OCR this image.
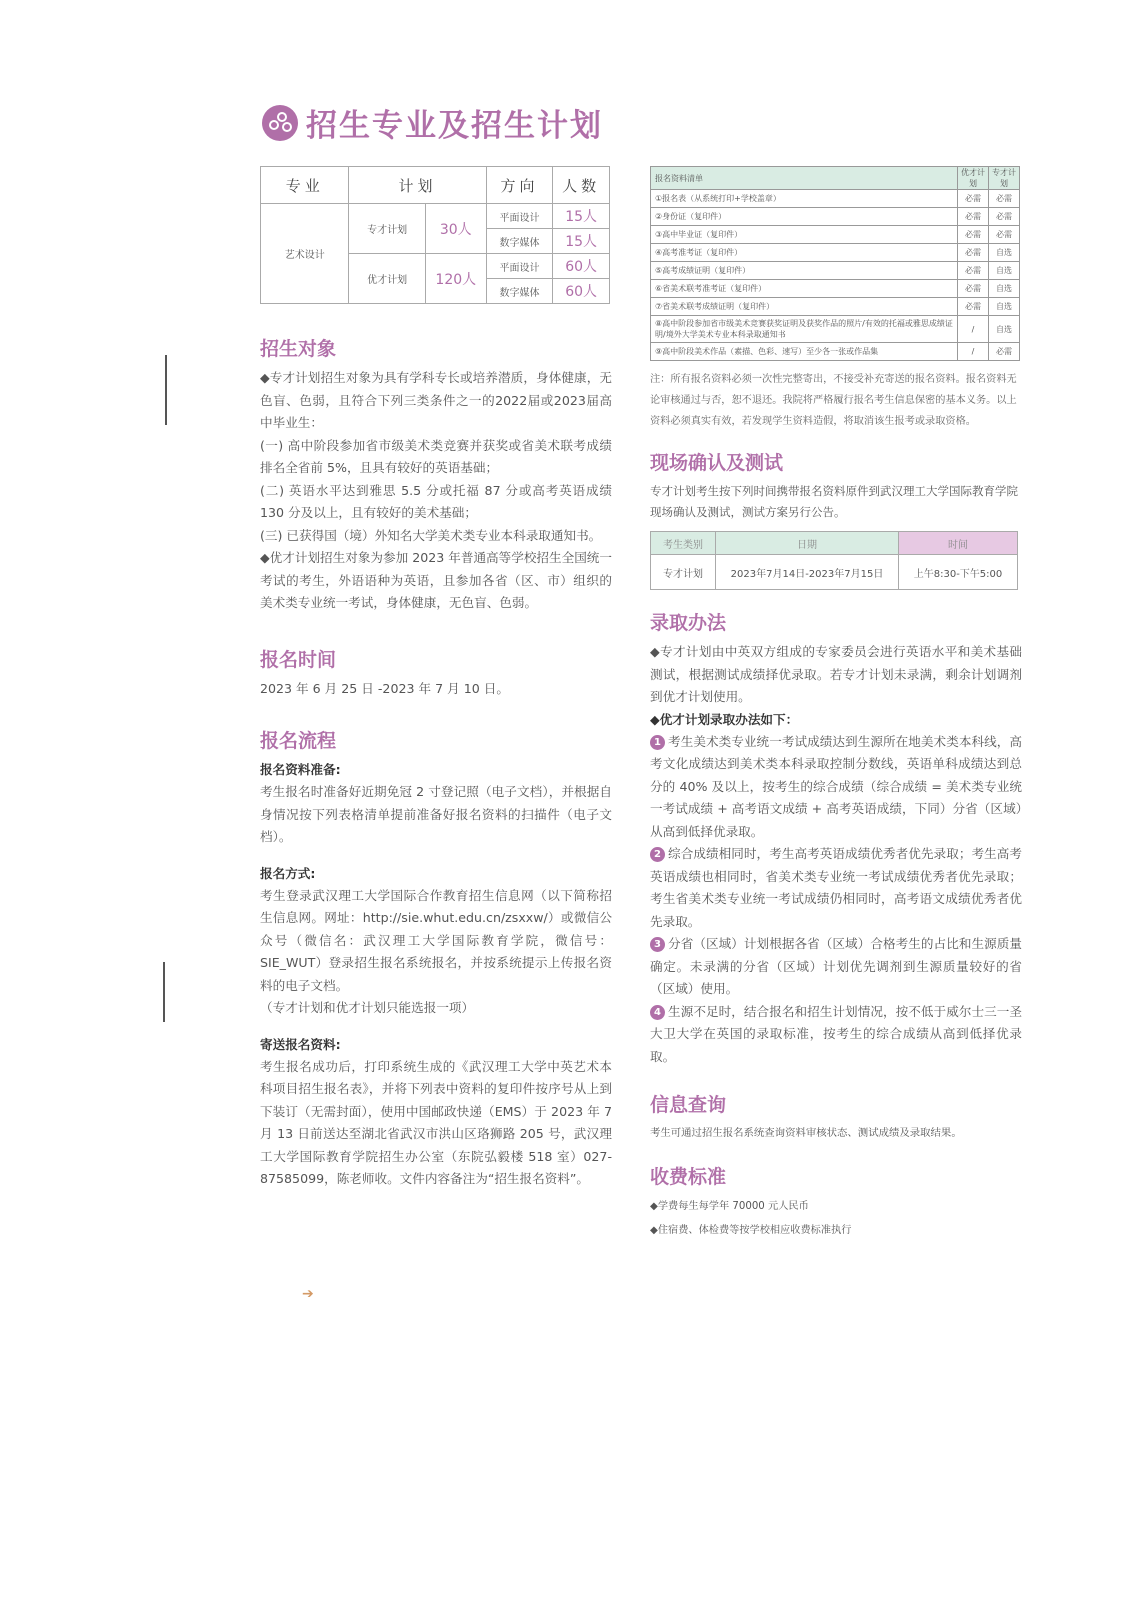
➔
招生专业及招生计划
专业	计划		方向	人数
艺术设计	专才计划	30人	平面设计	15人
			数字媒体	15人
	优才计划	120人	平面设计	60人
			数字媒体	60人
招生对象

◆专才计划招生对象为具有学科专长或培养潜质，身体健康，无色盲、色弱，且符合下列三类条件之一的2022届或2023届高中毕业生：

(一) 高中阶段参加省市级美术类竞赛并获奖或省美术联考成绩排名全省前 5%，且具有较好的英语基础；

(二) 英语水平达到雅思 5.5 分或托福 87 分或高考英语成绩 130 分及以上，且有较好的美术基础；

(三) 已获得国（境）外知名大学美术类专业本科录取通知书。

◆优才计划招生对象为参加 2023 年普通高等学校招生全国统一考试的考生，外语语种为英语，且参加各省（区、市）组织的美术类专业统一考试，身体健康，无色盲、色弱。

报名时间

2023 年 6 月 25 日 -2023 年 7 月 10 日。

报名流程

报名资料准备:

考生报名时准备好近期免冠 2 寸登记照（电子文档），并根据自身情况按下列表格清单提前准备好报名资料的扫描件（电子文档）。

报名方式:

考生登录武汉理工大学国际合作教育招生信息网（以下简称招生信息网。网址：http://sie.whut.edu.cn/zsxxw/）或微信公众号（微信名：武汉理工大学国际教育学院，微信号：SIE_WUT）登录招生报名系统报名，并按系统提示上传报名资料的电子文档。

（专才计划和优才计划只能选报一项）

寄送报名资料:

考生报名成功后，打印系统生成的《武汉理工大学中英艺术本科项目招生报名表》，并将下列表中资料的复印件按序号从上到下装订（无需封面），使用中国邮政快递（EMS）于 2023 年 7 月 13 日前送达至湖北省武汉市洪山区珞狮路 205 号，武汉理工大学国际教育学院招生办公室（东院弘毅楼 518 室）027-87585099，陈老师收。文件内容备注为“招生报名资料”。

报名资料清单	优才计划	专才计划
①报名表（从系统打印+学校盖章）	必需	必需
②身份证（复印件）	必需	必需
③高中毕业证（复印件）	必需	必需
④高考准考证（复印件）	必需	自选
⑤高考成绩证明（复印件）	必需	自选
⑥省美术联考准考证（复印件）	必需	自选
⑦省美术联考成绩证明（复印件）	必需	自选
⑧高中阶段参加省市级美术竞赛获奖证明及获奖作品的照片/有效的托福或雅思成绩证明/境外大学美术专业本科录取通知书	/	自选
⑨高中阶段美术作品（素描、色彩、速写）至少各一张或作品集	/	必需

注：所有报名资料必须一次性完整寄出，不接受补充寄送的报名资料。报名资料无论审核通过与否，恕不退还。我院将严格履行报名考生信息保密的基本义务。以上资料必须真实有效，若发现学生资料造假，将取消该生报考或录取资格。

现场确认及测试

专才计划考生按下列时间携带报名资料原件到武汉理工大学国际教育学院现场确认及测试，测试方案另行公告。

考生类别	日期	时间
专才计划	2023年7月14日-2023年7月15日	上午8:30-下午5:00
录取办法

◆专才计划由中英双方组成的专家委员会进行英语水平和美术基础测试，根据测试成绩择优录取。若专才计划未录满，剩余计划调剂到优才计划使用。

◆优才计划录取办法如下：

1 考生美术类专业统一考试成绩达到生源所在地美术类本科线，高考文化成绩达到美术类本科录取控制分数线，英语单科成绩达到总分的 40% 及以上，按考生的综合成绩（综合成绩 = 美术类专业统一考试成绩 + 高考语文成绩 + 高考英语成绩，下同）分省（区域）从高到低择优录取。

2 综合成绩相同时，考生高考英语成绩优秀者优先录取；考生高考英语成绩也相同时，省美术类专业统一考试成绩优秀者优先录取；考生省美术类专业统一考试成绩仍相同时，高考语文成绩优秀者优先录取。

3 分省（区域）计划根据各省（区域）合格考生的占比和生源质量确定。未录满的分省（区域）计划优先调剂到生源质量较好的省（区域）使用。

4 生源不足时，结合报名和招生计划情况，按不低于威尔士三一圣大卫大学在英国的录取标准，按考生的综合成绩从高到低择优录取。

信息查询

考生可通过招生报名系统查询资料审核状态、测试成绩及录取结果。

收费标准

◆学费每生每学年 70000 元人民币

◆住宿费、体检费等按学校相应收费标准执行
